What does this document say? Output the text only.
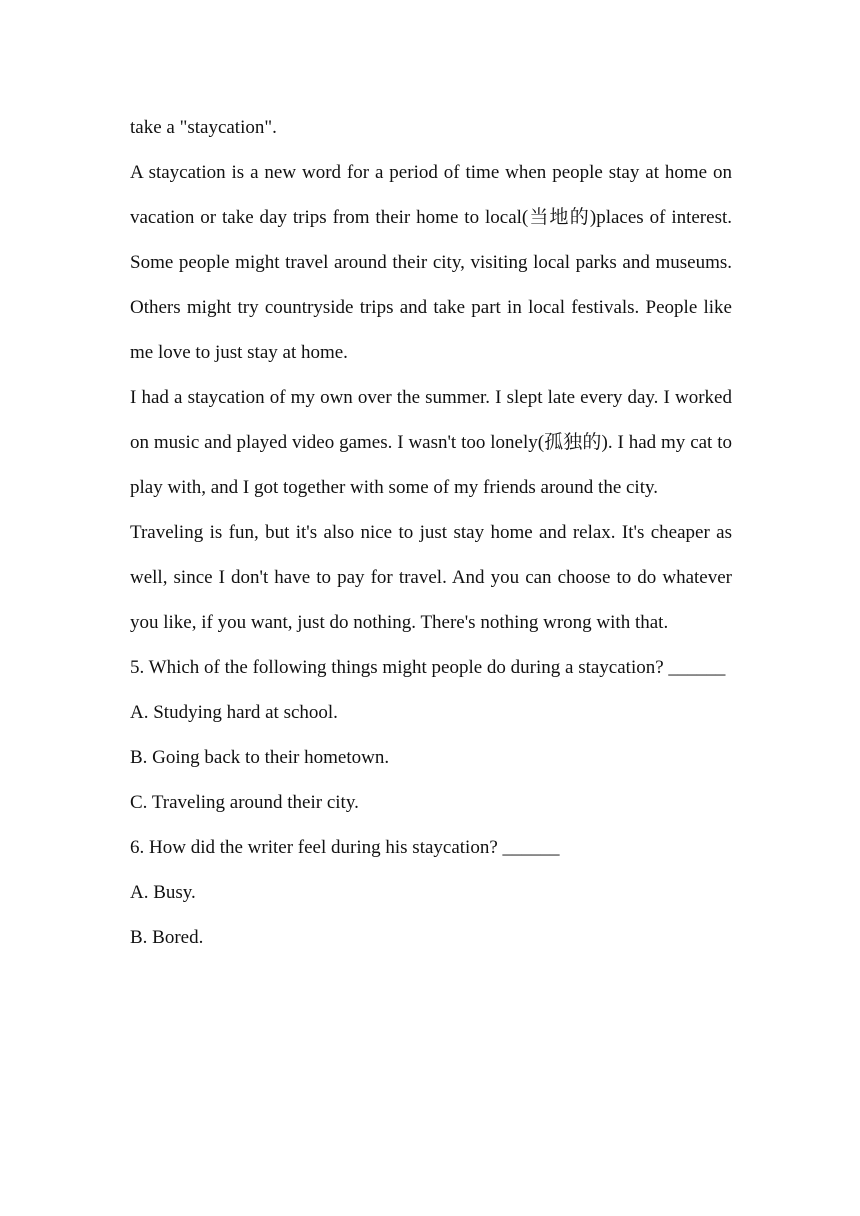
take a "staycation".

A staycation is a new word for a period of time when people stay at home on vacation or take day trips from their home to local(当地的)places of interest. Some people might travel around their city, visiting local parks and museums. Others might try countryside trips and take part in local festivals. People like me love to just stay at home.

I had a staycation of my own over the summer. I slept late every day. I worked on music and played video games. I wasn't too lonely(孤独的). I had my cat to play with, and I got together with some of my friends around the city.

Traveling is fun, but it's also nice to just stay home and relax. It's cheaper as well, since I don't have to pay for travel. And you can choose to do whatever you like, if you want, just do nothing. There's nothing wrong with that.

5. Which of the following things might people do during a staycation? ______

A. Studying hard at school.

B. Going back to their hometown.

C. Traveling around their city.

6. How did the writer feel during his staycation? ______

A. Busy.

B. Bored.
